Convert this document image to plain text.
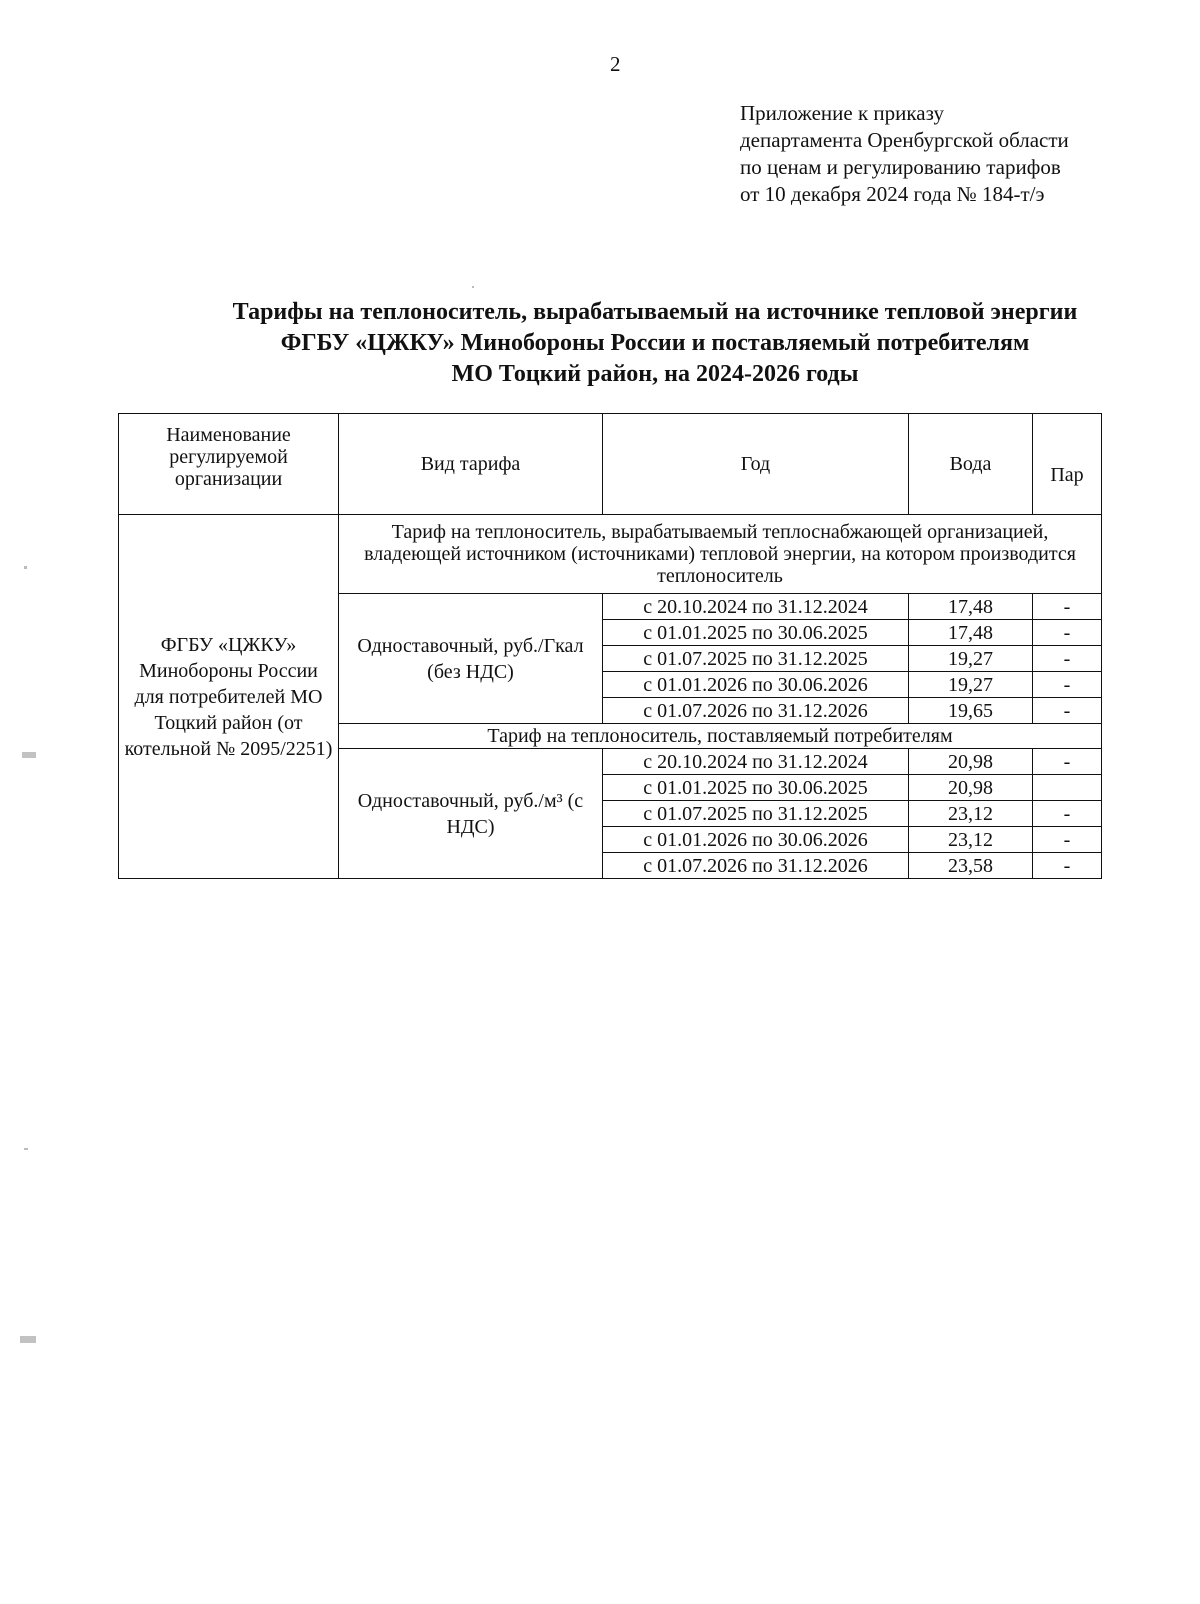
2
Приложение к приказу
департамента Оренбургской области
по ценам и регулированию тарифов
от 10 декабря 2024 года № 184-т/э
Тарифы на теплоноситель, вырабатываемый на источнике тепловой энергии
ФГБУ «ЦЖКУ» Минобороны России и поставляемый потребителям
МО Тоцкий район, на 2024-2026 годы
Наименование регулируемой организации	Вид тарифа	Год	Вода	Пар
ФГБУ «ЦЖКУ» Минобороны России для потребителей МО Тоцкий район (от котельной № 2095/2251)	Тариф на теплоноситель, вырабатываемый теплоснабжающей организацией, владеющей источником (источниками) тепловой энергии, на котором производится теплоноситель			
	Одноставочный, руб./Гкал (без НДС)	с 20.10.2024 по 31.12.2024	17,48	-
		с 01.01.2025 по 30.06.2025	17,48	-
		с 01.07.2025 по 31.12.2025	19,27	-
		с 01.01.2026 по 30.06.2026	19,27	-
		с 01.07.2026 по 31.12.2026	19,65	-
	Тариф на теплоноситель, поставляемый потребителям			
	Одноставочный, руб./м³ (с НДС)	с 20.10.2024 по 31.12.2024	20,98	-
		с 01.01.2025 по 30.06.2025	20,98	
		с 01.07.2025 по 31.12.2025	23,12	-
		с 01.01.2026 по 30.06.2026	23,12	-
		с 01.07.2026 по 31.12.2026	23,58	-
